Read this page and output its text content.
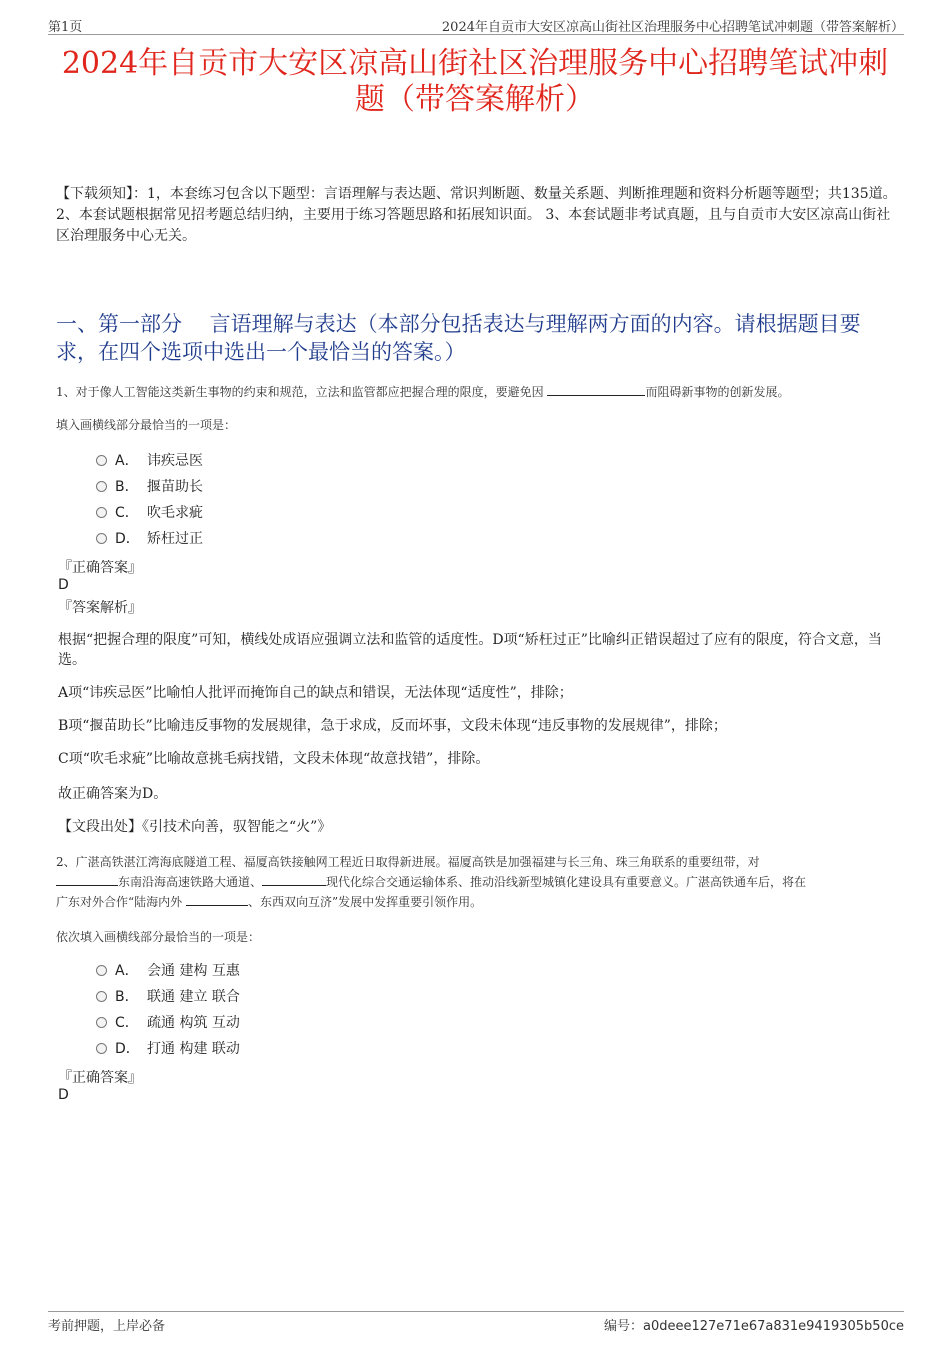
第1页	2024年自贡市大安区凉高山街社区治理服务中心招聘笔试冲刺题（带答案解析）
2024年自贡市大安区凉高山街社区治理服务中心招聘笔试冲刺题（带答案解析）
【下载须知】：1，本套练习包含以下题型：言语理解与表达题、常识判断题、数量关系题、判断推理题和资料分析题等题型；共135道。 2、本套试题根据常见招考题总结归纳，主要用于练习答题思路和拓展知识面。 3、本套试题非考试真题，且与自贡市大安区凉高山街社区治理服务中心无关。
一、第一部分　 言语理解与表达（本部分包括表达与理解两方面的内容。请根据题目要求，在四个选项中选出一个最恰当的答案。）
1、对于像人工智能这类新生事物的约束和规范，立法和监管都应把握合理的限度，要避免因	而阻碍新事物的创新发展。
填入画横线部分最恰当的一项是：
A． 讳疾忌医
B． 揠苗助长
C． 吹毛求疵
D． 矫枉过正
『正确答案』
D
『答案解析』
根据“把握合理的限度”可知，横线处成语应强调立法和监管的适度性。D项“矫枉过正”比喻纠正错误超过了应有的限度，符合文意，当选。
A项“讳疾忌医”比喻怕人批评而掩饰自己的缺点和错误，无法体现“适度性”，排除；
B项“揠苗助长”比喻违反事物的发展规律，急于求成，反而坏事，文段未体现“违反事物的发展规律”，排除；
C项“吹毛求疵”比喻故意挑毛病找错，文段未体现“故意找错”，排除。
故正确答案为D。
【文段出处】《引技术向善，驭智能之“火”》
2、广湛高铁湛江湾海底隧道工程、福厦高铁接触网工程近日取得新进展。福厦高铁是加强福建与长三角、珠三角联系的重要纽带，对
东南沿海高速铁路大通道、	现代化综合交通运输体系、推动沿线新型城镇化建设具有重要意义。广湛高铁通车后，将在
广东对外合作“陆海内外	、东西双向互济”发展中发挥重要引领作用。
依次填入画横线部分最恰当的一项是：
A． 会通 建构 互惠
B． 联通 建立 联合
C． 疏通 构筑 互动
D． 打通 构建 联动
『正确答案』
D
考前押题，上岸必备	编号：a0deee127e71e67a831e9419305b50ce
